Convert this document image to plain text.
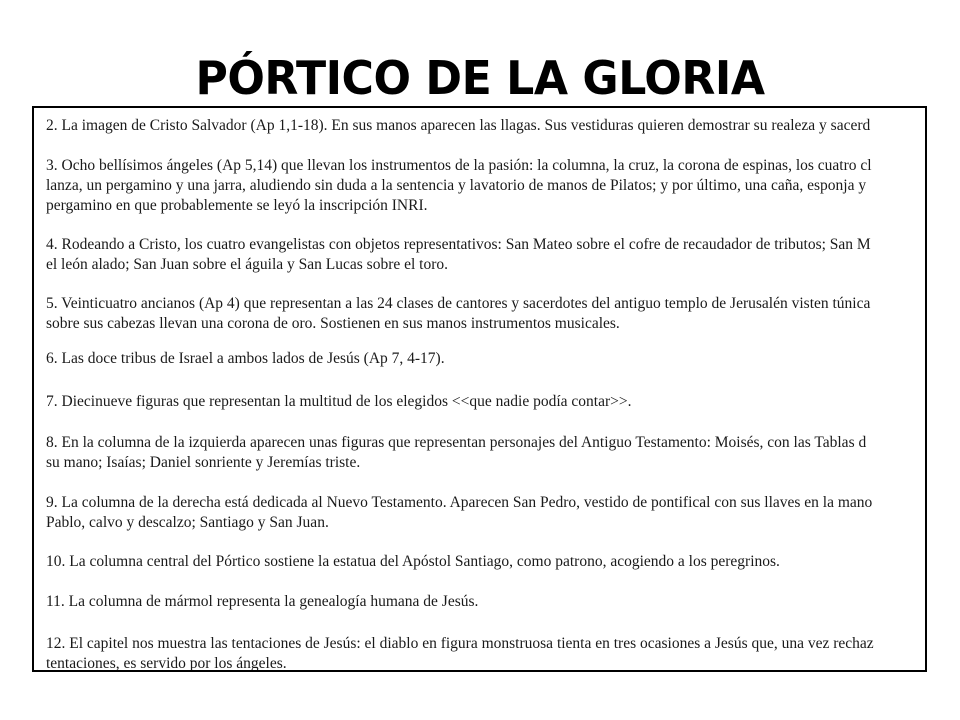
PÓRTICO DE LA GLORIA
2. La imagen de Cristo Salvador (Ap 1,1-18). En sus manos aparecen las llagas. Sus vestiduras quieren demostrar su realeza y sacerd
3. Ocho bellísimos ángeles (Ap 5,14) que llevan los instrumentos de la pasión: la columna, la cruz, la corona de espinas, los cuatro cl
lanza, un pergamino y una jarra, aludiendo sin duda a la sentencia y lavatorio de manos de Pilatos; y por último, una caña, esponja y
pergamino en que probablemente se leyó la inscripción INRI.
4. Rodeando a Cristo, los cuatro evangelistas con objetos representativos: San Mateo sobre el cofre de recaudador de tributos; San M
el león alado; San Juan sobre el águila y San Lucas sobre el toro.
5. Veinticuatro ancianos (Ap 4) que representan a las 24 clases de cantores y sacerdotes del antiguo templo de Jerusalén visten túnica
sobre sus cabezas llevan una corona de oro. Sostienen en sus manos instrumentos musicales.
6. Las doce tribus de Israel a ambos lados de Jesús (Ap 7, 4-17).
7. Diecinueve figuras que representan la multitud de los elegidos <<que nadie podía contar>>.
8. En la columna de la izquierda aparecen unas figuras que representan personajes del Antiguo Testamento: Moisés, con las Tablas d
su mano; Isaías; Daniel sonriente y Jeremías triste.
9. La columna de la derecha está dedicada al Nuevo Testamento. Aparecen San Pedro, vestido de pontifical con sus llaves en la mano
Pablo, calvo y descalzo; Santiago y San Juan.
10. La columna central del Pórtico sostiene la estatua del Apóstol Santiago, como patrono, acogiendo a los peregrinos.
11. La columna de mármol representa la genealogía humana de Jesús.
12. El capitel nos muestra las tentaciones de Jesús: el diablo en figura monstruosa tienta en tres ocasiones a Jesús que, una vez rechaz
tentaciones, es servido por los ángeles.
